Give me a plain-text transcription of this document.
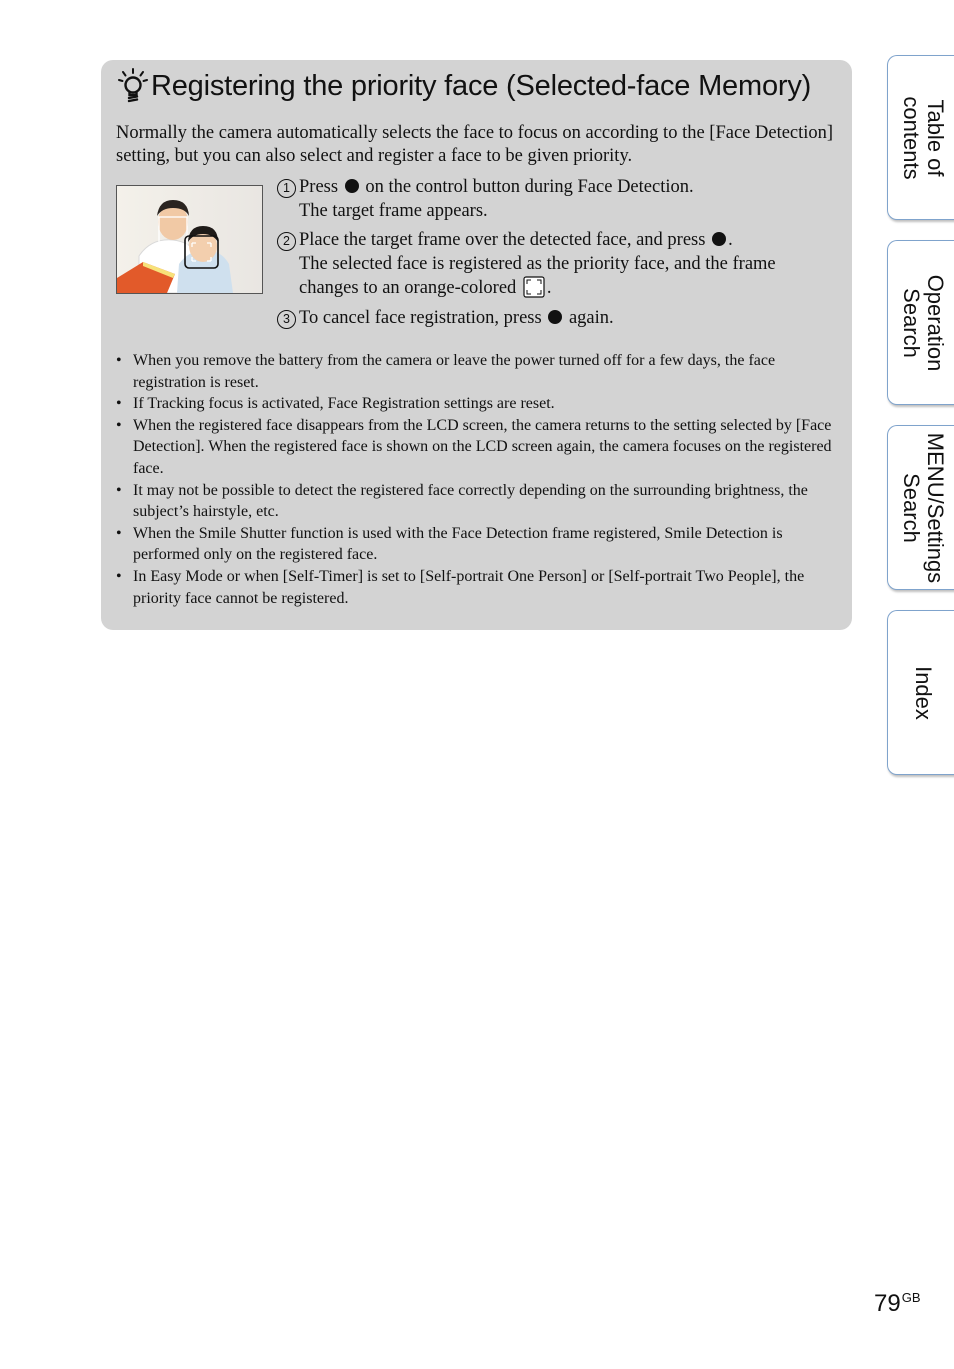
Registering the priority face (Selected-face Memory)

Normally the camera automatically selects the face to focus on according to the [Face Detection] setting, but you can also select and register a face to be given priority.

1 Press on the control button during Face Detection.
The target frame appears.
2 Place the target frame over the detected face, and press .
The selected face is registered as the priority face, and the frame changes to an orange-colored .
3 To cancel face registration, press again.
• When you remove the battery from the camera or leave the power turned off for a few days, the face registration is reset.
• If Tracking focus is activated, Face Registration settings are reset.
• When the registered face disappears from the LCD screen, the camera returns to the setting selected by [Face Detection]. When the registered face is shown on the LCD screen again, the camera focuses on the registered face.
• It may not be possible to detect the registered face correctly depending on the surrounding brightness, the subject’s hairstyle, etc.
• When the Smile Shutter function is used with the Face Detection frame registered, Smile Detection is performed only on the registered face.
• In Easy Mode or when [Self-Timer] is set to [Self-portrait One Person] or [Self-portrait Two People], the priority face cannot be registered.
Table of
contents
Operation
Search
MENU/Settings
Search
Index
$79^{GB}$
